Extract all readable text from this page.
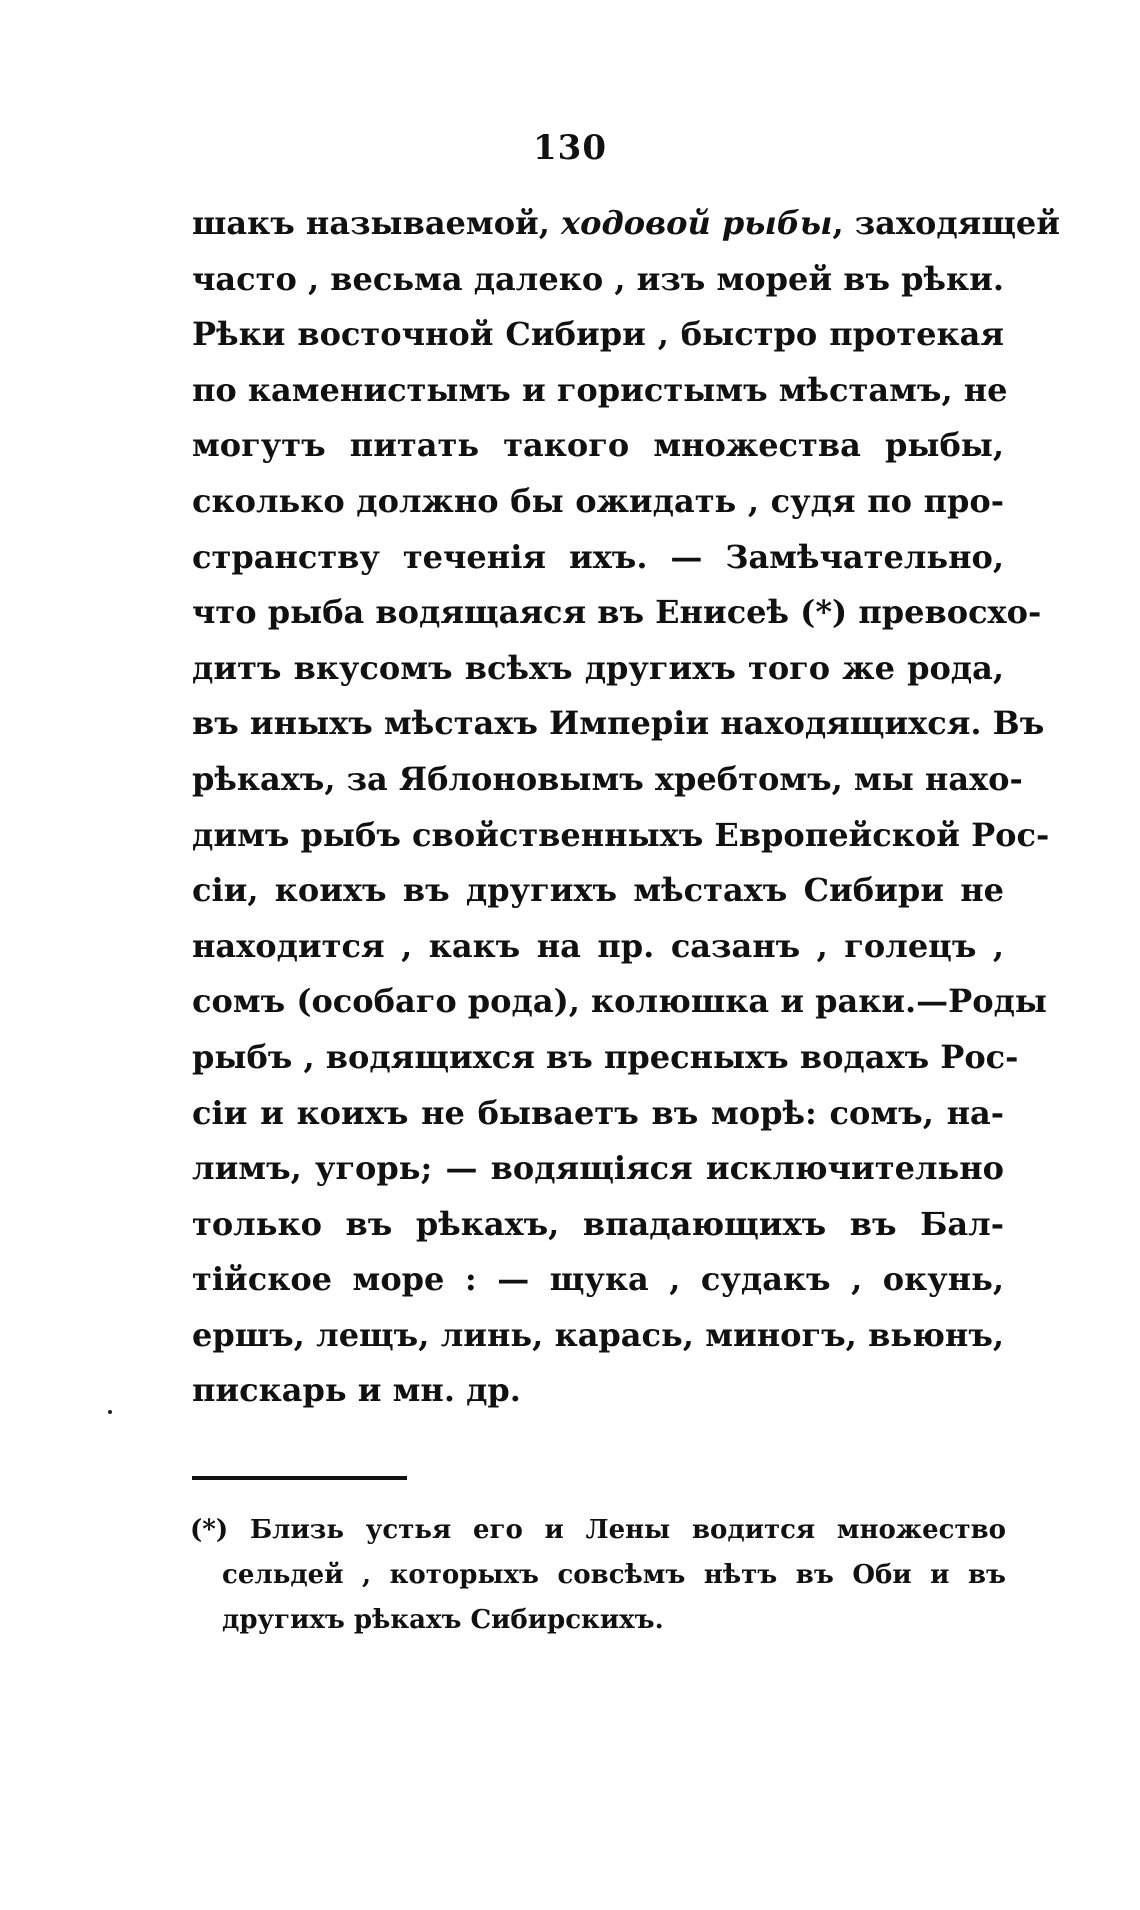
130
шакъ называемой, ходовой рыбы, заходящей
часто , весьма далеко , изъ морей въ рѣки.
Рѣки восточной Сибири , быстро протекая
по каменистымъ и гористымъ мѣстамъ, не
могутъ питать такого множества рыбы,
сколько должно бы ожидать , судя по про-
странству теченія ихъ. — Замѣчательно,
что рыба водящаяся въ Енисеѣ (*) превосхо-
дитъ вкусомъ всѣхъ другихъ того же рода,
въ иныхъ мѣстахъ Имперіи находящихся. Въ
рѣкахъ, за Яблоновымъ хребтомъ, мы нахо-
димъ рыбъ свойственныхъ Европейской Рос-
сіи, коихъ въ другихъ мѣстахъ Сибири не
находится , какъ на пр. сазанъ , голецъ ,
сомъ (особаго рода), колюшка и раки.—Роды
рыбъ , водящихся въ пресныхъ водахъ Рос-
сіи и коихъ не бываетъ въ морѣ: сомъ, на-
лимъ, угорь; — водящіяся исключительно
только въ рѣкахъ, впадающихъ въ Бал-
тійское море : — щука , судакъ , окунь,
ершъ, лещъ, линь, карась, миногъ, вьюнъ,
пискарь и мн. др.
(*) Близь устья его и Лены водится множество
сельдей , которыхъ совсѣмъ нѣтъ въ Оби и въ
другихъ рѣкахъ Сибирскихъ.
